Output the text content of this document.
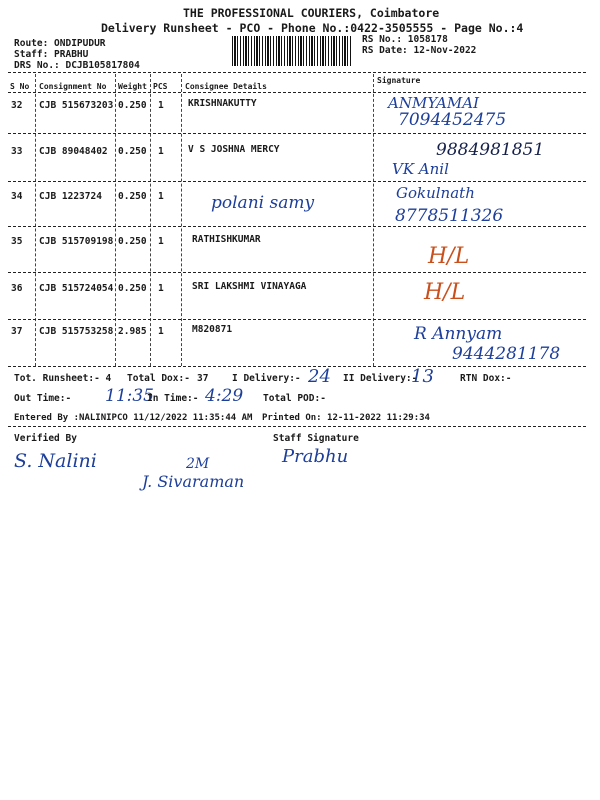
THE PROFESSIONAL COURIERS, Coimbatore
Delivery Runsheet - PCO - Phone No.:0422-3505555 - Page No.:4
Route: ONDIPUDUR
Staff: PRABHU
DRS No.: DCJB105817804
RS No.: 1058178
RS Date: 12-Nov-2022
S No Consignment No Weight PCS Consignee Details
Signature
32 CJB 515673203 0.250 1	KRISHNAKUTTY	ANMYAMAI
7094452475
33 CJB 89048402 0.250 1	V S JOSHNA MERCY	9884981851
VK Anil
34 CJB 1223724 0.250 1	polani samy	Gokulnath
8778511326
35 CJB 515709198 0.250 1	RATHISHKUMAR
H/L
36 CJB 515724054 0.250 1	SRI LAKSHMI VINAYAGA	H/L
37 CJB 515753258 2.985 1	M820871	R Annyam
9444281178
Tot. Runsheet:- 4 Total Dox:- 37 I Delivery:- 24 II Delivery:-
13	RTN Dox:-
Out Time:- 11:35
In Time:- 4:29 Total POD:-
Entered By :NALINIPCO 11/12/2022 11:35:44 AM Printed On: 12-11-2022 11:29:34
Verified By	Staff Signature
S. Nalini	Prabhu
2M
J. Sivaraman
